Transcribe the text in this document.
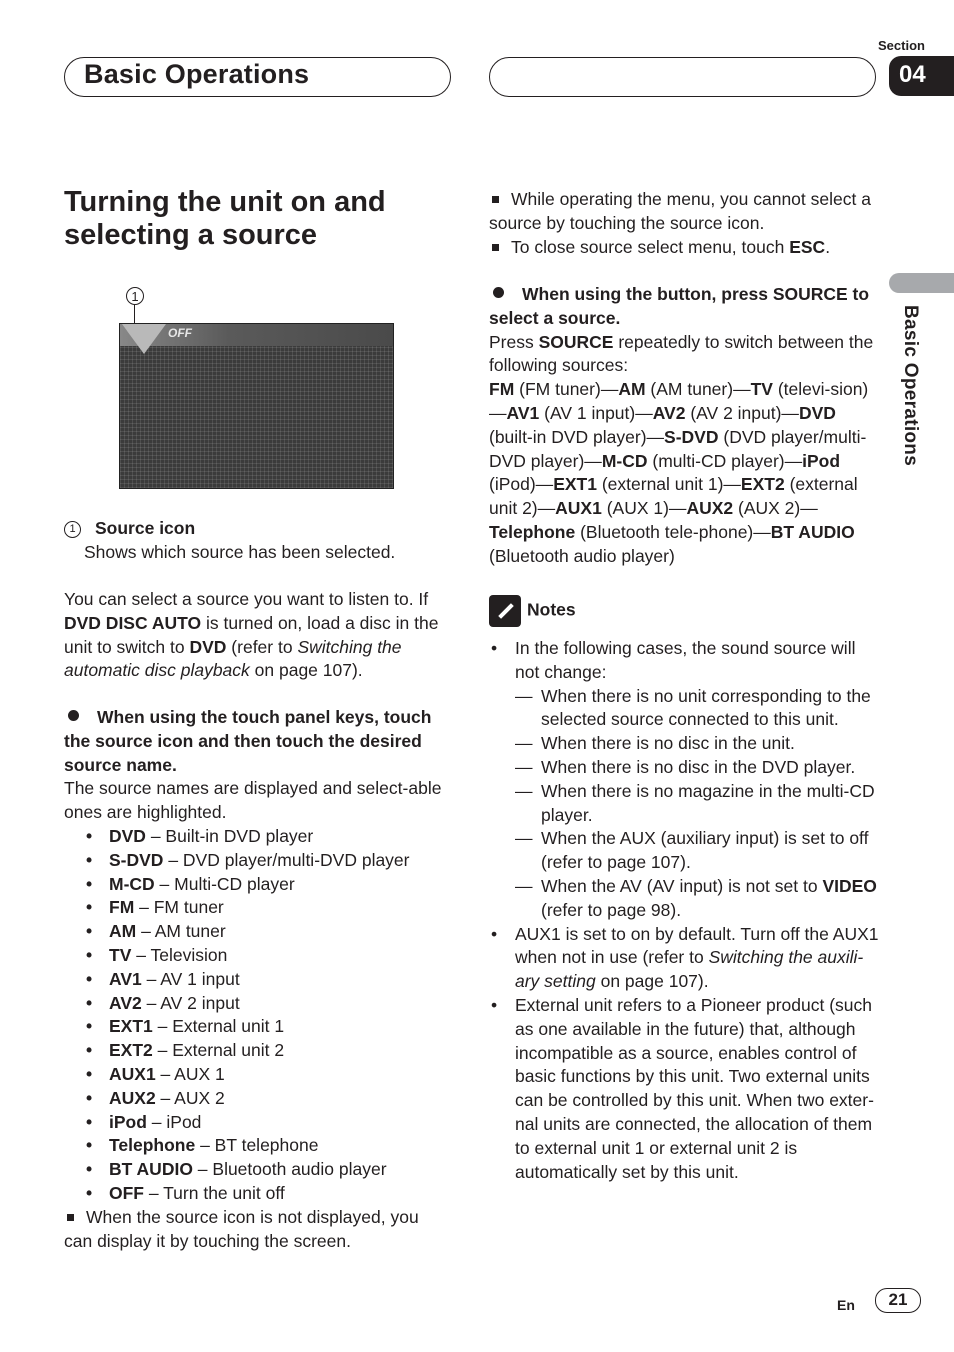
Basic Operations
Section
04
Basic Operations
Turning the unit on and selecting a source
1
OFF

1 Source icon

Shows which source has been selected.

You can select a source you want to listen to. If DVD DISC AUTO is turned on, load a disc in the unit to switch to DVD (refer to Switching the automatic disc playback on page 107).

When using the touch panel keys, touch the source icon and then touch the desired source name.

The source names are displayed and select-able ones are highlighted.

• DVD – Built-in DVD player
• S-DVD – DVD player/multi-DVD player
• M-CD – Multi-CD player
• FM – FM tuner
• AM – AM tuner
• TV – Television
• AV1 – AV 1 input
• AV2 – AV 2 input
• EXT1 – External unit 1
• EXT2 – External unit 2
• AUX1 – AUX 1
• AUX2 – AUX 2
• iPod – iPod
• Telephone – BT telephone
• BT AUDIO – Bluetooth audio player
• OFF – Turn the unit off

When the source icon is not displayed, you can display it by touching the screen.

While operating the menu, you cannot select a source by touching the source icon.

To close source select menu, touch ESC.

When using the button, press SOURCE to select a source.

Press SOURCE repeatedly to switch between the following sources:

FM (FM tuner)—AM (AM tuner)—TV (televi-sion)—AV1 (AV 1 input)—AV2 (AV 2 input)—DVD (built-in DVD player)—S-DVD (DVD player/multi-DVD player)—M-CD (multi-CD player)—iPod (iPod)—EXT1 (external unit 1)—EXT2 (external unit 2)—AUX1 (AUX 1)—AUX2 (AUX 2)—Telephone (Bluetooth tele-phone)—BT AUDIO (Bluetooth audio player)

Notes

• In the following cases, the sound source will not change:
— When there is no unit corresponding to the selected source connected to this unit.
— When there is no disc in the unit.
— When there is no disc in the DVD player.
— When there is no magazine in the multi-CD player.
— When the AUX (auxiliary input) is set to off (refer to page 107).
— When the AV (AV input) is not set to VIDEO (refer to page 98).
• AUX1 is set to on by default. Turn off the AUX1 when not in use (refer to Switching the auxili-ary setting on page 107).
• External unit refers to a Pioneer product (such as one available in the future) that, although incompatible as a source, enables control of basic functions by this unit. Two external units can be controlled by this unit. When two exter-nal units are connected, the allocation of them to external unit 1 or external unit 2 is automatically set by this unit.
En	21
